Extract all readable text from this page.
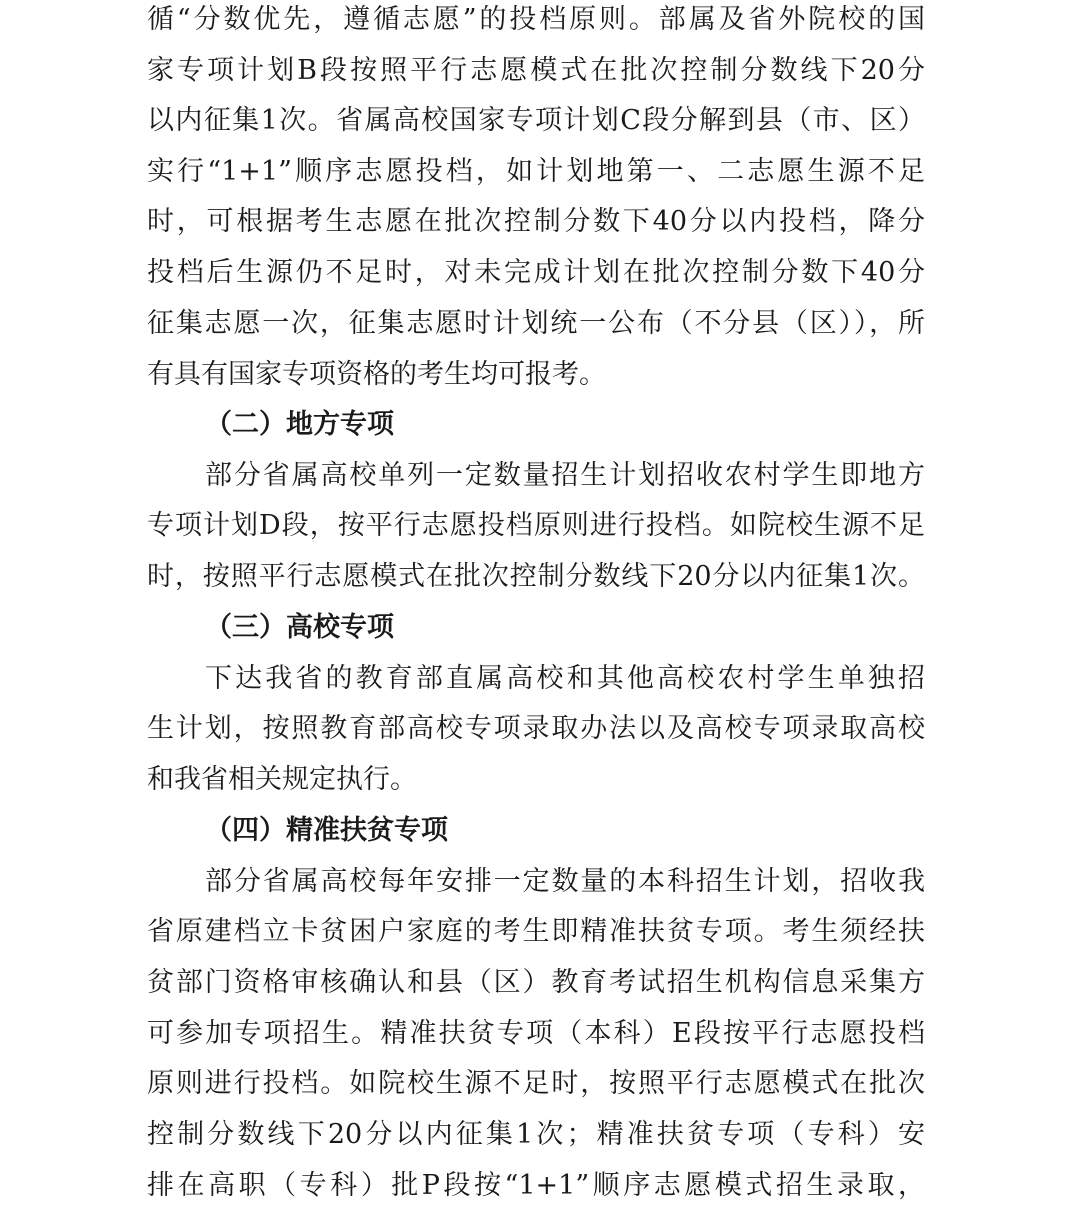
循“分数优先，遵循志愿”的投档原则。部属及省外院校的国
家专项计划B段按照平行志愿模式在批次控制分数线下20分
以内征集1次。省属高校国家专项计划C段分解到县（市、区）
实行“1+1”顺序志愿投档，如计划地第一、二志愿生源不足
时，可根据考生志愿在批次控制分数下40分以内投档，降分
投档后生源仍不足时，对未完成计划在批次控制分数下40分
征集志愿一次，征集志愿时计划统一公布（不分县（区）），所
有具有国家专项资格的考生均可报考。
（二）地方专项
部分省属高校单列一定数量招生计划招收农村学生即地方
专项计划D段，按平行志愿投档原则进行投档。如院校生源不足
时，按照平行志愿模式在批次控制分数线下20分以内征集1次。
（三）高校专项
下达我省的教育部直属高校和其他高校农村学生单独招
生计划，按照教育部高校专项录取办法以及高校专项录取高校
和我省相关规定执行。
（四）精准扶贫专项
部分省属高校每年安排一定数量的本科招生计划，招收我
省原建档立卡贫困户家庭的考生即精准扶贫专项。考生须经扶
贫部门资格审核确认和县（区）教育考试招生机构信息采集方
可参加专项招生。精准扶贫专项（本科）E段按平行志愿投档
原则进行投档。如院校生源不足时，按照平行志愿模式在批次
控制分数线下20分以内征集1次；精准扶贫专项（专科）安
排在高职（专科）批P段按“1+1”顺序志愿模式招生录取，
